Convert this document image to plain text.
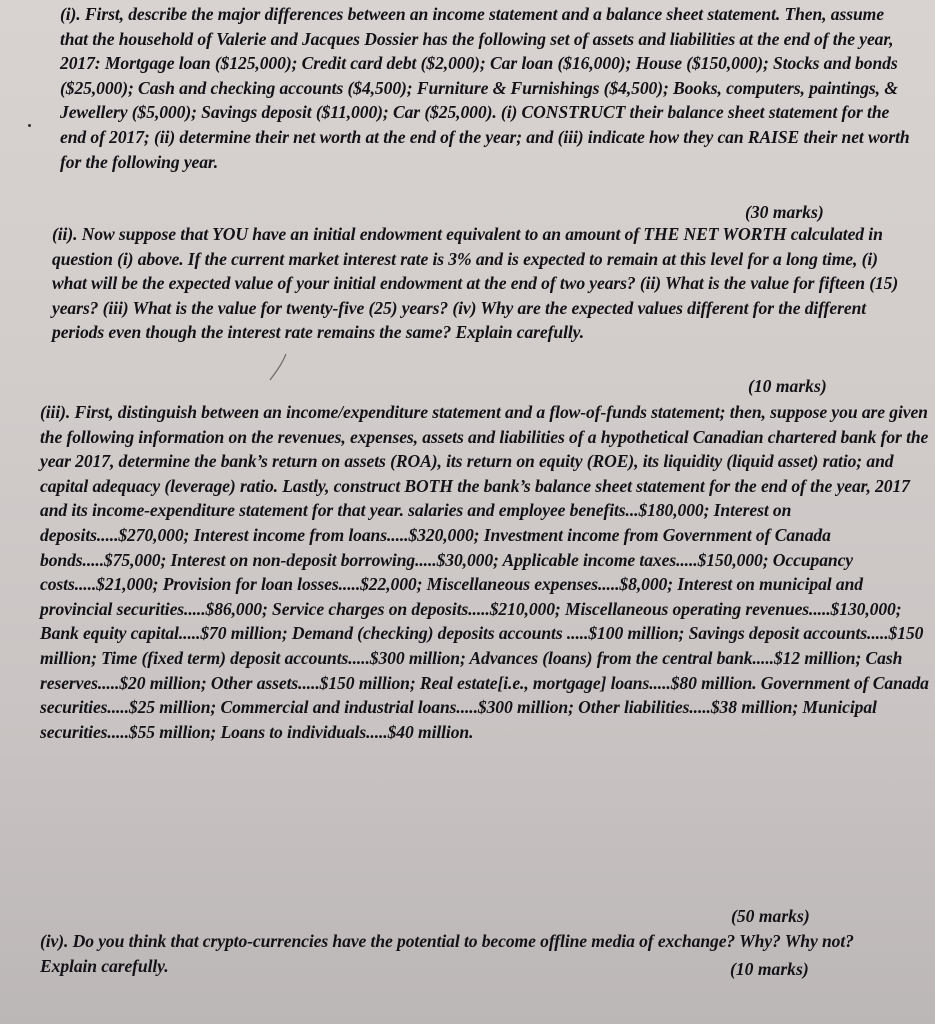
(i). First, describe the major differences between an income statement and a balance sheet statement. Then, assume that the household of Valerie and Jacques Dossier has the following set of assets and liabilities at the end of the year, 2017: Mortgage loan ($125,000); Credit card debt ($2,000); Car loan ($16,000); House ($150,000); Stocks and bonds ($25,000); Cash and checking accounts ($4,500); Furniture & Furnishings ($4,500); Books, computers, paintings, & Jewellery ($5,000); Savings deposit ($11,000); Car ($25,000). (i) CONSTRUCT their balance sheet statement for the end of 2017; (ii) determine their net worth at the end of the year; and (iii) indicate how they can RAISE their net worth for the following year.

(30 marks)

(ii). Now suppose that YOU have an initial endowment equivalent to an amount of THE NET WORTH calculated in question (i) above. If the current market interest rate is 3% and is expected to remain at this level for a long time, (i) what will be the expected value of your initial endowment at the end of two years? (ii) What is the value for fifteen (15) years? (iii) What is the value for twenty-five (25) years? (iv) Why are the expected values different for the different periods even though the interest rate remains the same? Explain carefully.

(10 marks)

(iii). First, distinguish between an income/expenditure statement and a flow-of-funds statement; then, suppose you are given the following information on the revenues, expenses, assets and liabilities of a hypothetical Canadian chartered bank for the year 2017, determine the bank’s return on assets (ROA), its return on equity (ROE), its liquidity (liquid asset) ratio; and capital adequacy (leverage) ratio. Lastly, construct BOTH the bank’s balance sheet statement for the end of the year, 2017 and its income-expenditure statement for that year. salaries and employee benefits...$180,000; Interest on deposits.....$270,000; Interest income from loans.....$320,000; Investment income from Government of Canada bonds.....$75,000; Interest on non-deposit borrowing.....$30,000; Applicable income taxes.....$150,000; Occupancy costs.....$21,000; Provision for loan losses.....$22,000; Miscellaneous expenses.....$8,000; Interest on municipal and provincial securities.....$86,000; Service charges on deposits.....$210,000; Miscellaneous operating revenues.....$130,000; Bank equity capital.....$70 million; Demand (checking) deposits accounts .....$100 million; Savings deposit accounts.....$150 million; Time (fixed term) deposit accounts.....$300 million; Advances (loans) from the central bank.....$12 million; Cash reserves.....$20 million; Other assets.....$150 million; Real estate[i.e., mortgage] loans.....$80 million. Government of Canada securities.....$25 million; Commercial and industrial loans.....$300 million; Other liabilities.....$38 million; Municipal securities.....$55 million; Loans to individuals.....$40 million.

(50 marks)

(iv). Do you think that crypto-currencies have the potential to become offline media of exchange? Why? Why not? Explain carefully.	(10 marks)
